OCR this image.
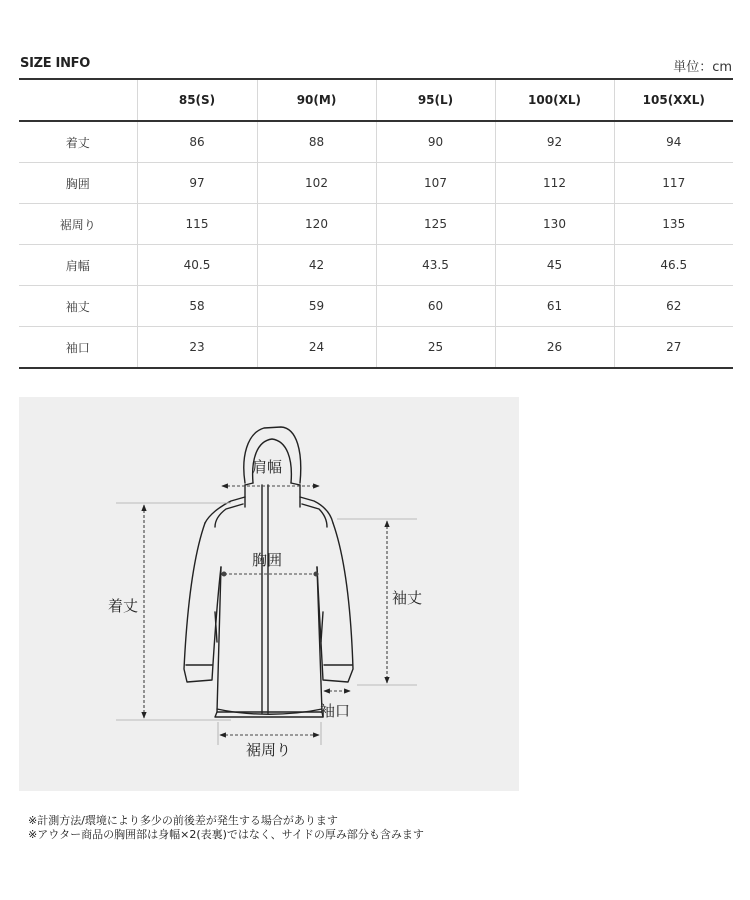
SIZE INFO	単位：cm
	85(S)	90(M)	95(L)	100(XL)	105(XXL)
着丈	86	88	90	92	94
胸囲	97	102	107	112	117
裾周り	115	120	125	130	135
肩幅	40.5	42	43.5	45	46.5
袖丈	58	59	60	61	62
袖口	23	24	25	26	27
肩幅
胸囲
着丈	袖丈
袖口
裾周り
※計測方法/環境により多少の前後差が発生する場合があります
※アウター商品の胸囲部は身幅×2(表裏)ではなく、サイドの厚み部分も含みます
